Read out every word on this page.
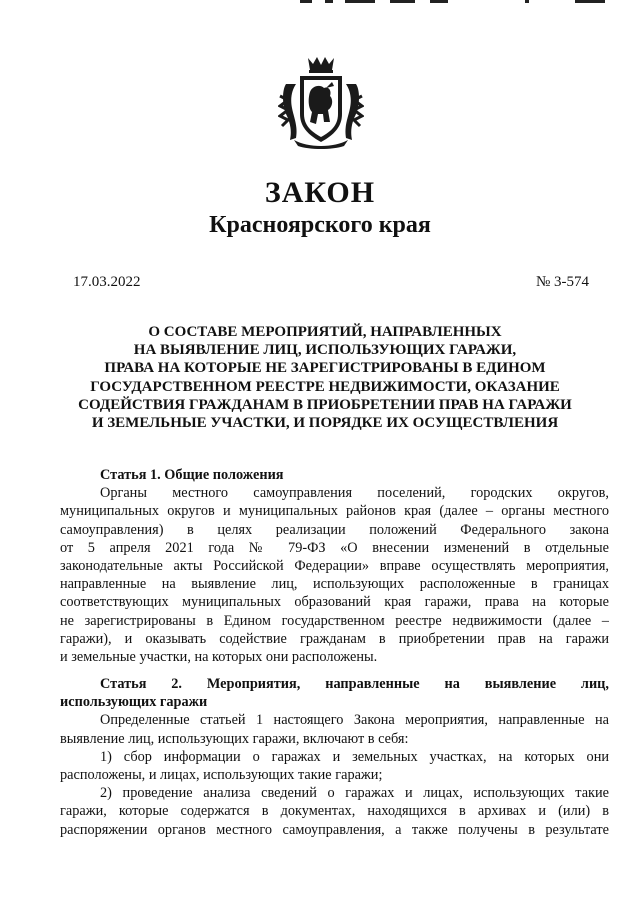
ЗАКОН
Красноярского края
17.03.2022	№ 3-574
О СОСТАВЕ МЕРОПРИЯТИЙ, НАПРАВЛЕННЫХ
НА ВЫЯВЛЕНИЕ ЛИЦ, ИСПОЛЬЗУЮЩИХ ГАРАЖИ,
ПРАВА НА КОТОРЫЕ НЕ ЗАРЕГИСТРИРОВАНЫ В ЕДИНОМ
ГОСУДАРСТВЕННОМ РЕЕСТРЕ НЕДВИЖИМОСТИ, ОКАЗАНИЕ
СОДЕЙСТВИЯ ГРАЖДАНАМ В ПРИОБРЕТЕНИИ ПРАВ НА ГАРАЖИ
И ЗЕМЕЛЬНЫЕ УЧАСТКИ, И ПОРЯДКЕ ИХ ОСУЩЕСТВЛЕНИЯ

Статья 1. Общие положения

Органы местного самоуправления поселений, городских округов,
муниципальных округов и муниципальных районов края (далее – органы местного
самоуправления) в целях реализации положений Федерального закона
от 5 апреля 2021 года № 79-ФЗ «О внесении изменений в отдельные
законодательные акты Российской Федерации» вправе осуществлять мероприятия,
направленные на выявление лиц, использующих расположенные в границах
соответствующих муниципальных образований края гаражи, права на которые
не зарегистрированы в Едином государственном реестре недвижимости (далее –
гаражи), и оказывать содействие гражданам в приобретении прав на гаражи
и земельные участки, на которых они расположены.
Статья 2. Мероприятия, направленные на выявление лиц,
использующих гаражи
Определенные статьей 1 настоящего Закона мероприятия, направленные на
выявление лиц, использующих гаражи, включают в себя:
1) сбор информации о гаражах и земельных участках, на которых они
расположены, и лицах, использующих такие гаражи;
2) проведение анализа сведений о гаражах и лицах, использующих такие
гаражи, которые содержатся в документах, находящихся в архивах и (или) в
распоряжении органов местного самоуправления, а также получены в результате
